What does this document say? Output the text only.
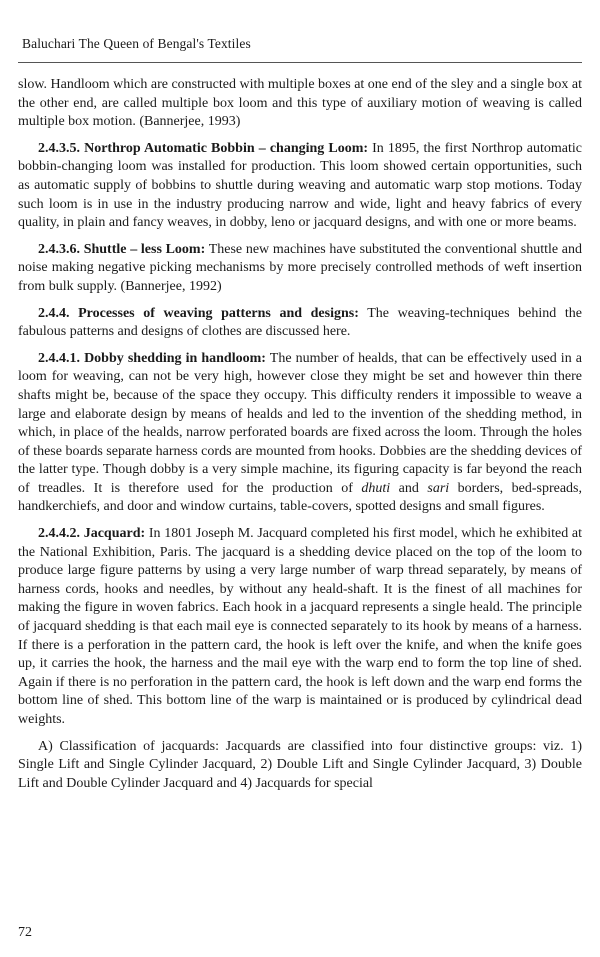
Baluchari The Queen of Bengal's Textiles

slow. Handloom which are constructed with multiple boxes at one end of the sley and a single box at the other end, are called multiple box loom and this type of auxiliary motion of weaving is called multiple box motion. (Bannerjee, 1993)

2.4.3.5. Northrop Automatic Bobbin – changing Loom: In 1895, the first Northrop automatic bobbin-changing loom was installed for production. This loom showed certain opportunities, such as automatic supply of bobbins to shuttle during weaving and automatic warp stop motions. Today such loom is in use in the industry producing narrow and wide, light and heavy fabrics of every quality, in plain and fancy weaves, in dobby, leno or jacquard designs, and with one or more beams.

2.4.3.6. Shuttle – less Loom: These new machines have substituted the conventional shuttle and noise making negative picking mechanisms by more precisely controlled methods of weft insertion from bulk supply. (Bannerjee, 1992)

2.4.4. Processes of weaving patterns and designs: The weaving-techniques behind the fabulous patterns and designs of clothes are discussed here.

2.4.4.1. Dobby shedding in handloom: The number of healds, that can be effectively used in a loom for weaving, can not be very high, however close they might be set and however thin there shafts might be, because of the space they occupy. This difficulty renders it impossible to weave a large and elaborate design by means of healds and led to the invention of the shedding method, in which, in place of the healds, narrow perforated boards are fixed across the loom. Through the holes of these boards separate harness cords are mounted from hooks. Dobbies are the shedding devices of the latter type. Though dobby is a very simple machine, its figuring capacity is far beyond the reach of treadles. It is therefore used for the production of dhuti and sari borders, bed-spreads, handkerchiefs, and door and window curtains, table-covers, spotted designs and small figures.

2.4.4.2. Jacquard: In 1801 Joseph M. Jacquard completed his first model, which he exhibited at the National Exhibition, Paris. The jacquard is a shedding device placed on the top of the loom to produce large figure patterns by using a very large number of warp thread separately, by means of harness cords, hooks and needles, by without any heald-shaft. It is the finest of all machines for making the figure in woven fabrics. Each hook in a jacquard represents a single heald. The principle of jacquard shedding is that each mail eye is connected separately to its hook by means of a harness. If there is a perforation in the pattern card, the hook is left over the knife, and when the knife goes up, it carries the hook, the harness and the mail eye with the warp end to form the top line of shed. Again if there is no perforation in the pattern card, the hook is left down and the warp end forms the bottom line of shed. This bottom line of the warp is maintained or is produced by cylindrical dead weights.

A) Classification of jacquards: Jacquards are classified into four distinctive groups: viz. 1) Single Lift and Single Cylinder Jacquard, 2) Double Lift and Single Cylinder Jacquard, 3) Double Lift and Double Cylinder Jacquard and 4) Jacquards for special

72
